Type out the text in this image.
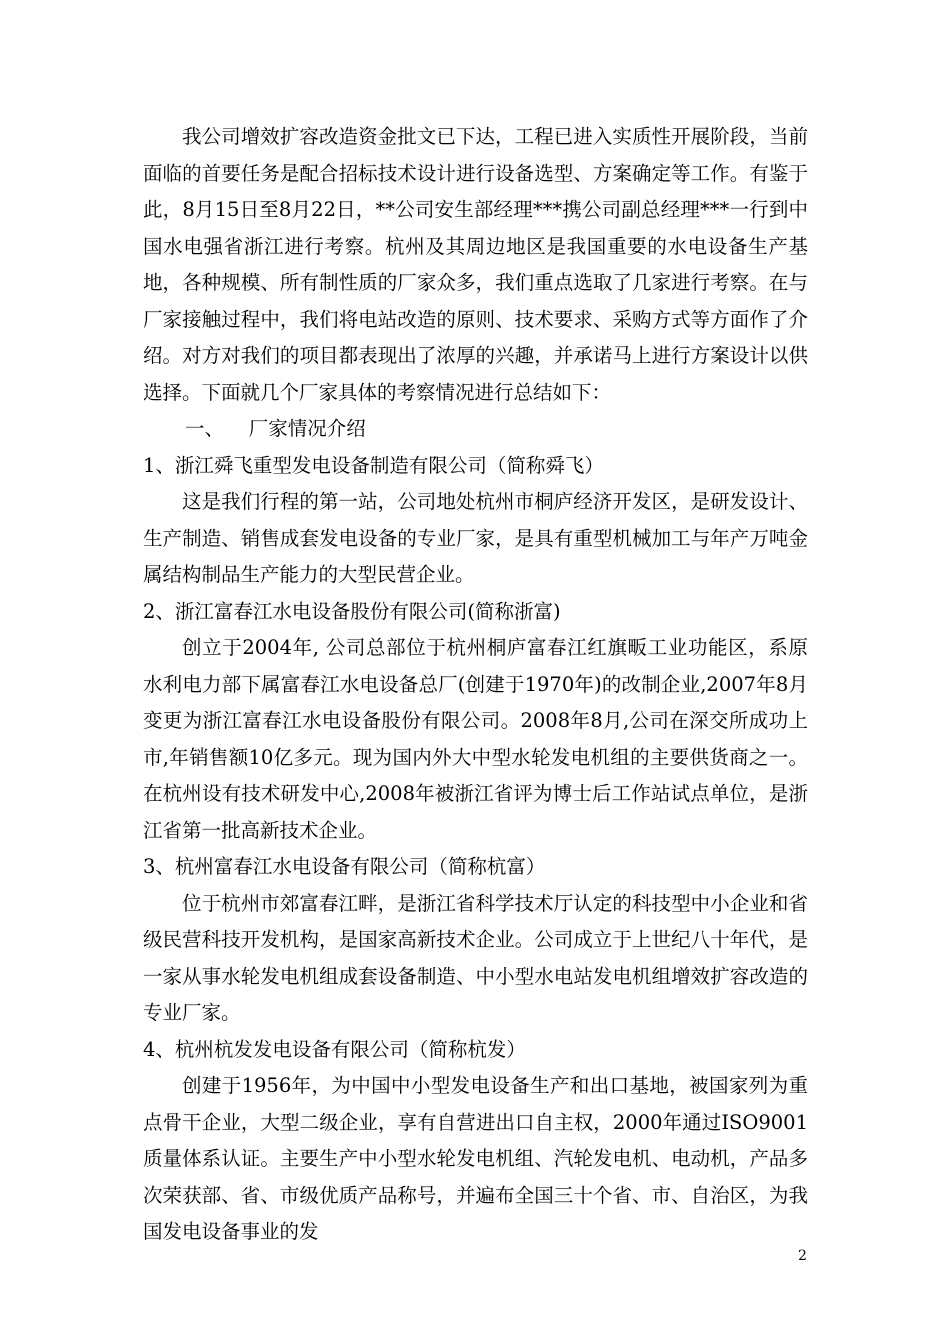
我公司增效扩容改造资金批文已下达，工程已进入实质性开展阶段，当前面临的首要任务是配合招标技术设计进行设备选型、方案确定等工作。有鉴于此，8月15日至8月22日，**公司安生部经理***携公司副总经理***一行到中国水电强省浙江进行考察。杭州及其周边地区是我国重要的水电设备生产基地，各种规模、所有制性质的厂家众多，我们重点选取了几家进行考察。在与厂家接触过程中，我们将电站改造的原则、技术要求、采购方式等方面作了介绍。对方对我们的项目都表现出了浓厚的兴趣，并承诺马上进行方案设计以供选择。下面就几个厂家具体的考察情况进行总结如下：

一、    厂家情况介绍

1、浙江舜飞重型发电设备制造有限公司（简称舜飞）

这是我们行程的第一站，公司地处杭州市桐庐经济开发区，是研发设计、生产制造、销售成套发电设备的专业厂家，是具有重型机械加工与年产万吨金属结构制品生产能力的大型民营企业。

2、浙江富春江水电设备股份有限公司(简称浙富)

创立于2004年, 公司总部位于杭州桐庐富春江红旗畈工业功能区，系原水利电力部下属富春江水电设备总厂(创建于1970年)的改制企业,2007年8月变更为浙江富春江水电设备股份有限公司。2008年8月,公司在深交所成功上市,年销售额10亿多元。现为国内外大中型水轮发电机组的主要供货商之一。 在杭州设有技术研发中心,2008年被浙江省评为博士后工作站试点单位，是浙江省第一批高新技术企业。

3、杭州富春江水电设备有限公司（简称杭富）

位于杭州市郊富春江畔，是浙江省科学技术厅认定的科技型中小企业和省级民营科技开发机构，是国家高新技术企业。公司成立于上世纪八十年代，是一家从事水轮发电机组成套设备制造、中小型水电站发电机组增效扩容改造的专业厂家。

4、杭州杭发发电设备有限公司（简称杭发）

创建于1956年，为中国中小型发电设备生产和出口基地，被国家列为重点骨干企业，大型二级企业，享有自营进出口自主权，2000年通过ISO9001质量体系认证。主要生产中小型水轮发电机组、汽轮发电机、电动机，产品多次荣获部、省、市级优质产品称号，并遍布全国三十个省、市、自治区，为我国发电设备事业的发

2
